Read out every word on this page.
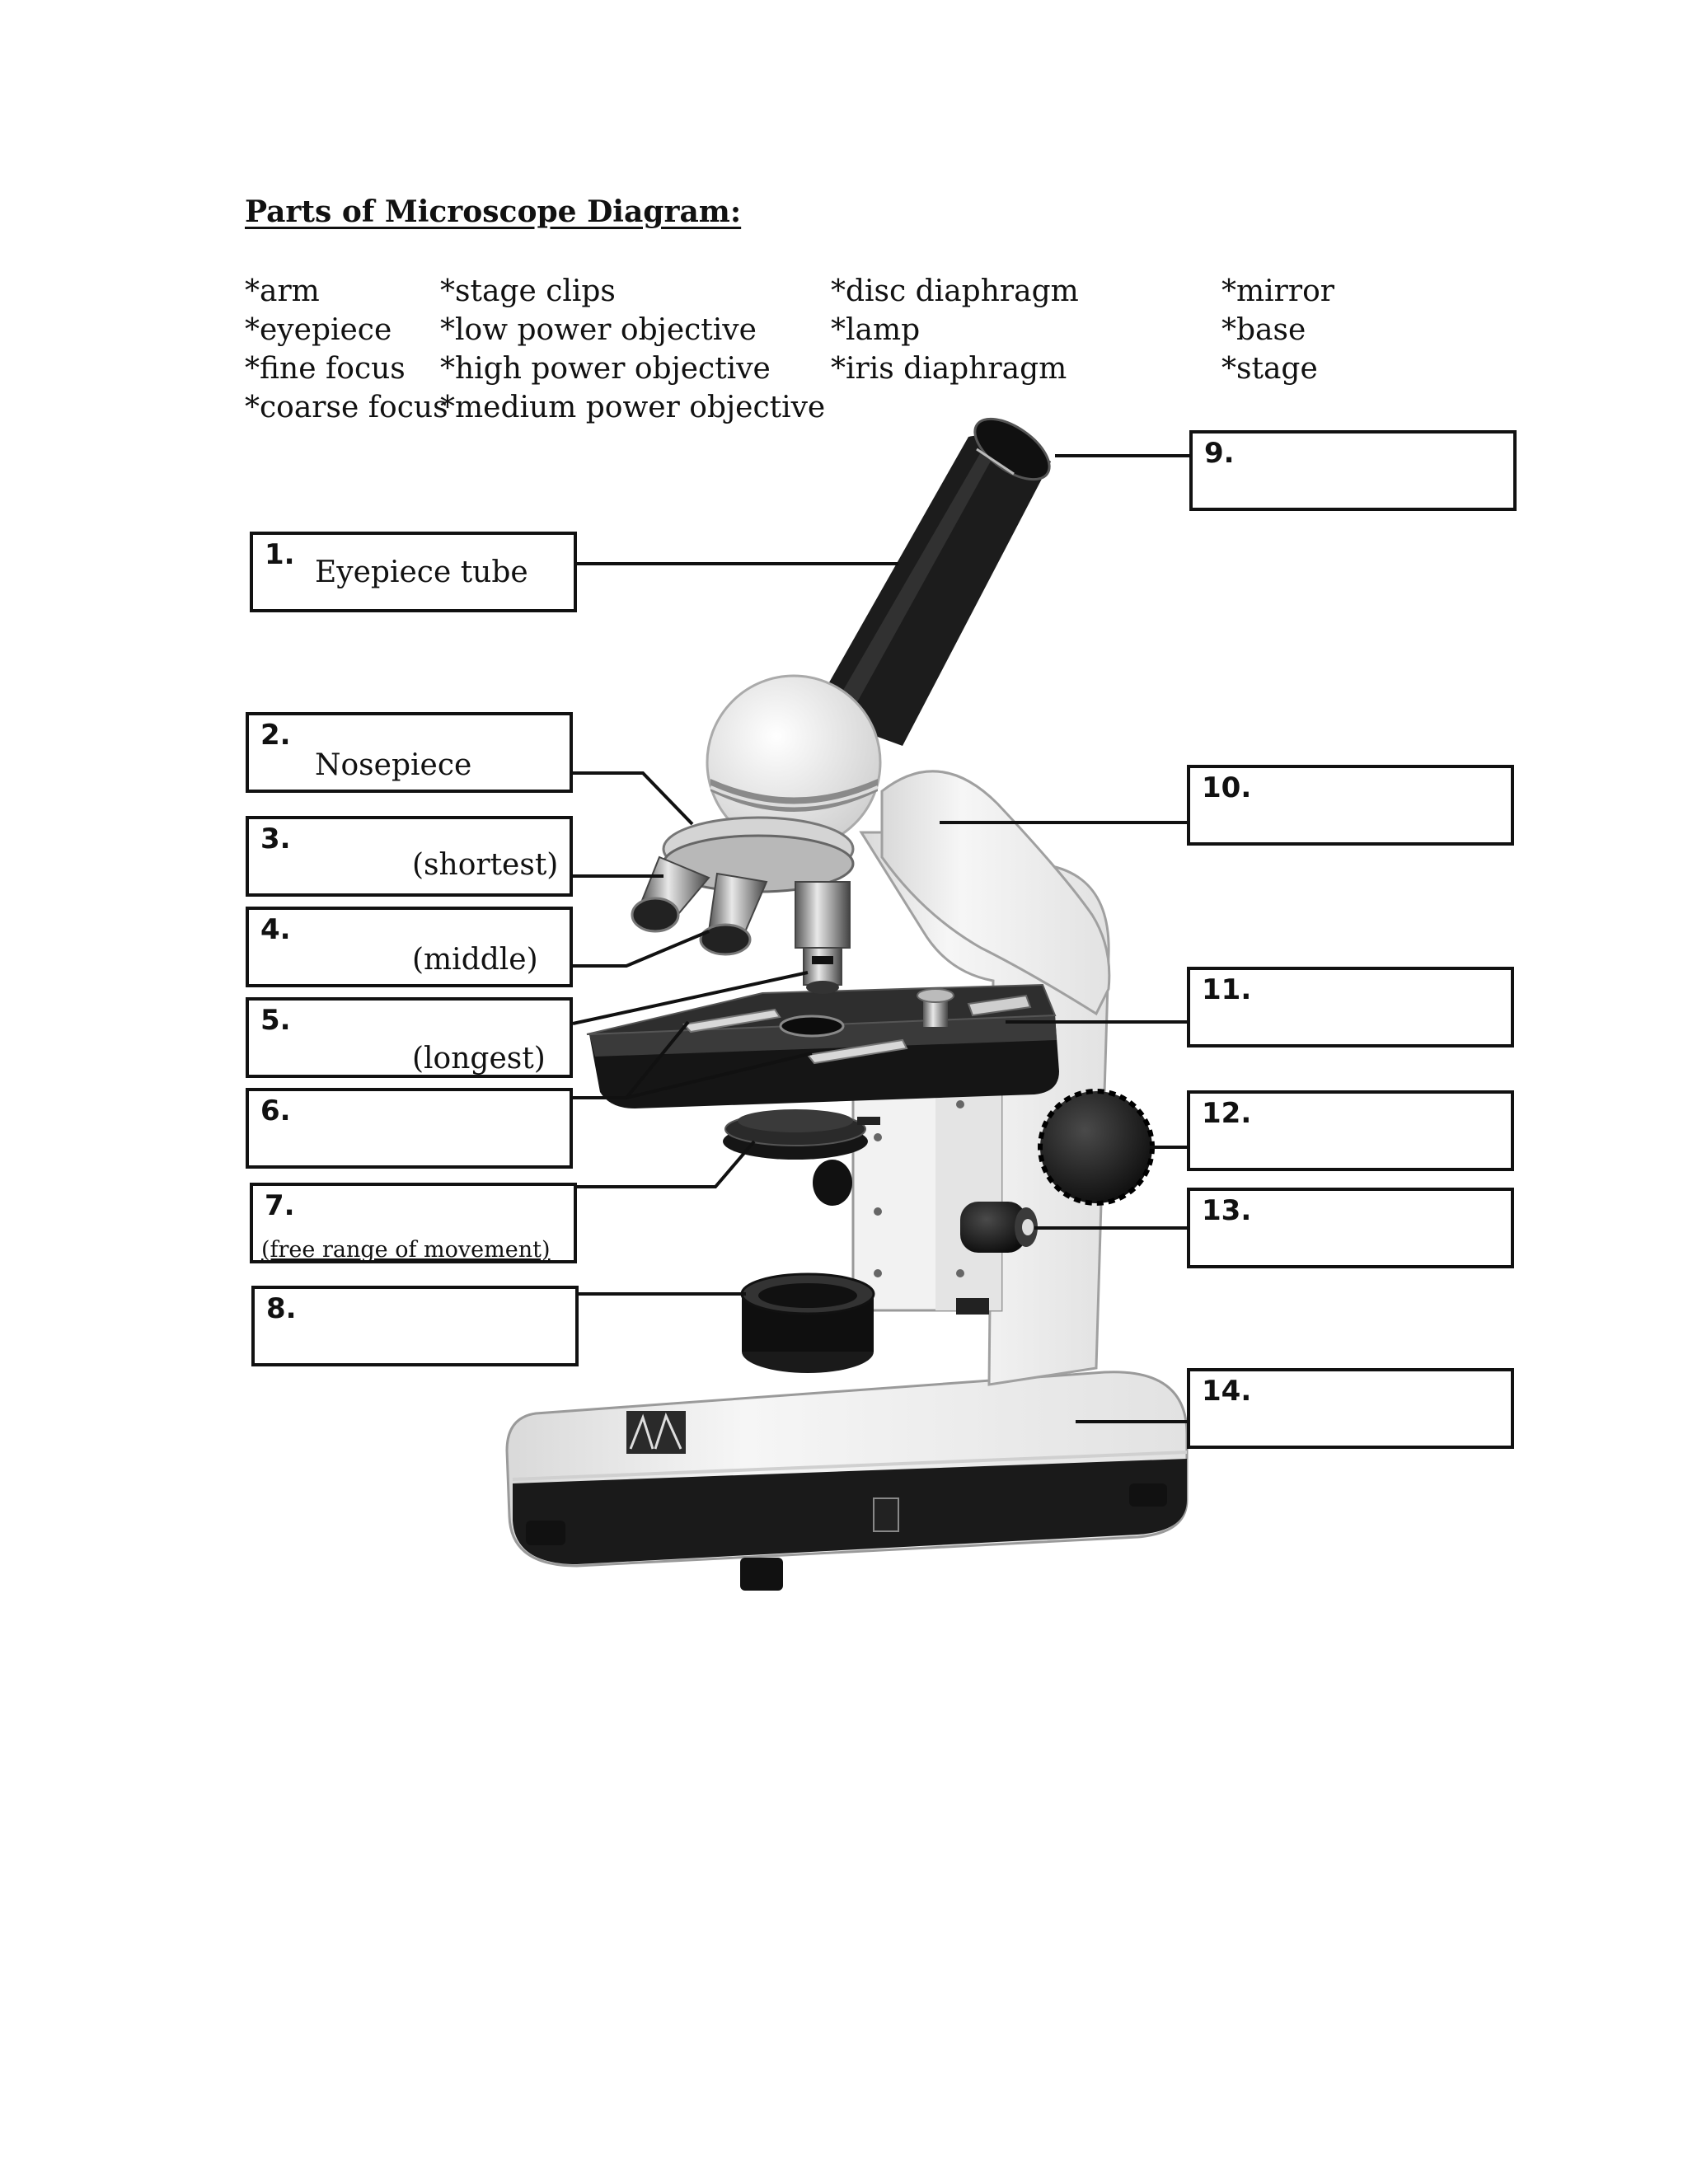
Parts of Microscope Diagram:
*arm
*eyepiece
*fine focus
*coarse focus
*stage clips
*low power objective
*high power objective
*medium power objective
*disc diaphragm
*lamp
*iris diaphragm
*mirror
*base
*stage
1.
Eyepiece tube
2.
Nosepiece
3.
(shortest)
4.
(middle)
5.
(longest)
6.
7.
(free range of movement)
8.
9.
10.
11.
12.
13.
14.
